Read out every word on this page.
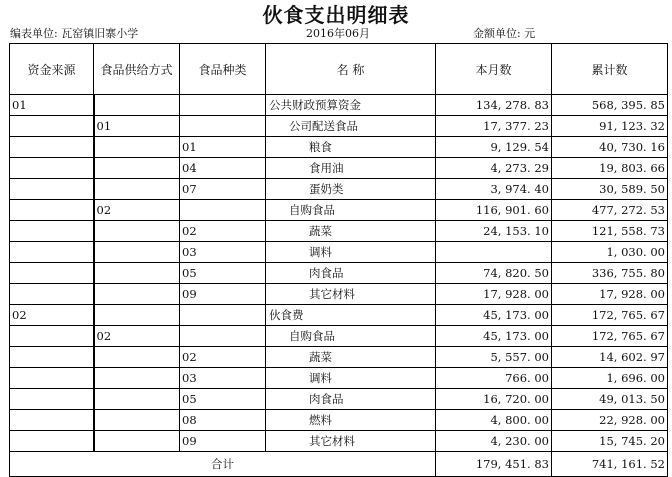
伙食支出明细表
编表单位: 瓦窑镇旧寨小学	2016年06月	金额单位: 元
资金来源	食品供给方式	食品种类	名 称	本月数	累计数
01			公共财政预算资金	134, 278. 83	568, 395. 85
	01		公司配送食品	17, 377. 23	91, 123. 32
		01	粮食	9, 129. 54	40, 730. 16
		04	食用油	4, 273. 29	19, 803. 66
		07	蛋奶类	3, 974. 40	30, 589. 50
	02		自购食品	116, 901. 60	477, 272. 53
		02	蔬菜	24, 153. 10	121, 558. 73
		03	调料		1, 030. 00
		05	肉食品	74, 820. 50	336, 755. 80
		09	其它材料	17, 928. 00	17, 928. 00
02			伙食费	45, 173. 00	172, 765. 67
	02		自购食品	45, 173. 00	172, 765. 67
		02	蔬菜	5, 557. 00	14, 602. 97
		03	调料	766. 00	1, 696. 00
		05	肉食品	16, 720. 00	49, 013. 50
		08	燃料	4, 800. 00	22, 928. 00
		09	其它材料	4, 230. 00	15, 745. 20
合计				179, 451. 83	741, 161. 52
